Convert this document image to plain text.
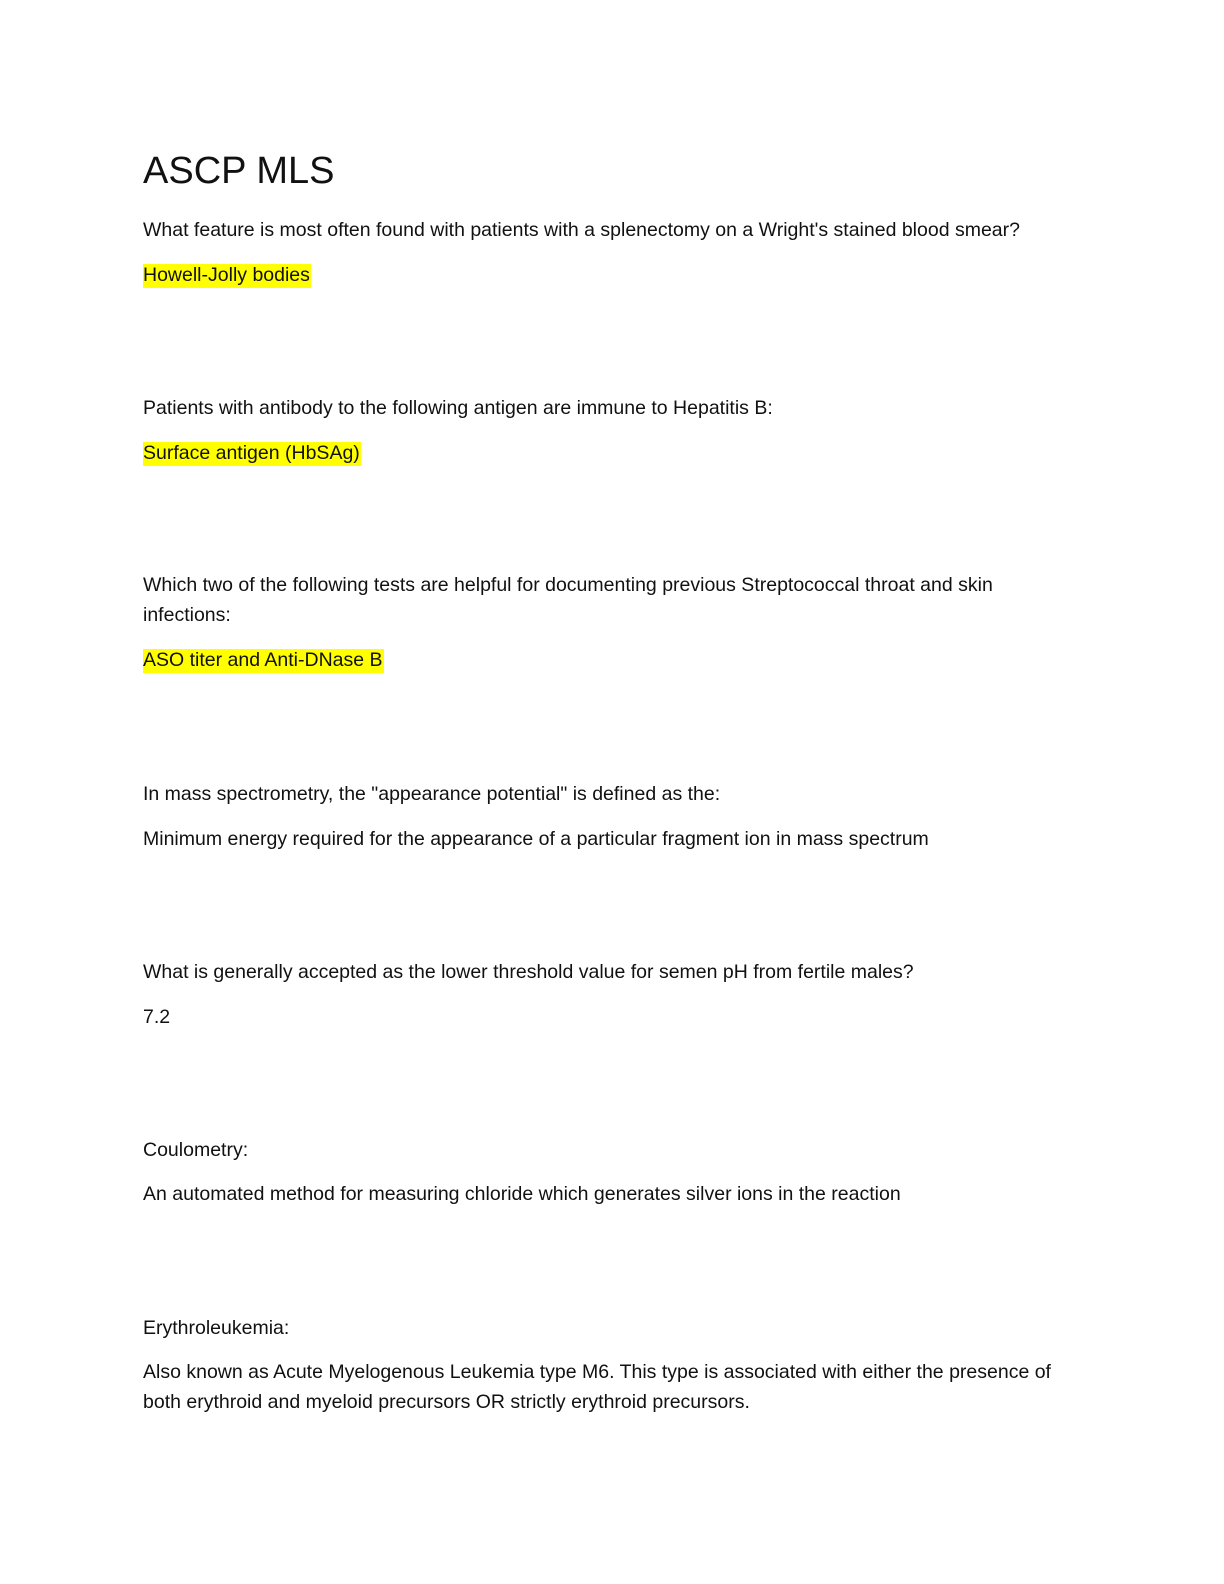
ASCP MLS

What feature is most often found with patients with a splenectomy on a Wright's stained blood smear?

Howell-Jolly bodies

Patients with antibody to the following antigen are immune to Hepatitis B:

Surface antigen (HbSAg)

Which two of the following tests are helpful for documenting previous Streptococcal throat and skin infections:

ASO titer and Anti-DNase B

In mass spectrometry, the "appearance potential" is defined as the:

Minimum energy required for the appearance of a particular fragment ion in mass spectrum

What is generally accepted as the lower threshold value for semen pH from fertile males?

7.2

Coulometry:

An automated method for measuring chloride which generates silver ions in the reaction

Erythroleukemia:

Also known as Acute Myelogenous Leukemia type M6. This type is associated with either the presence of both erythroid and myeloid precursors OR strictly erythroid precursors.
